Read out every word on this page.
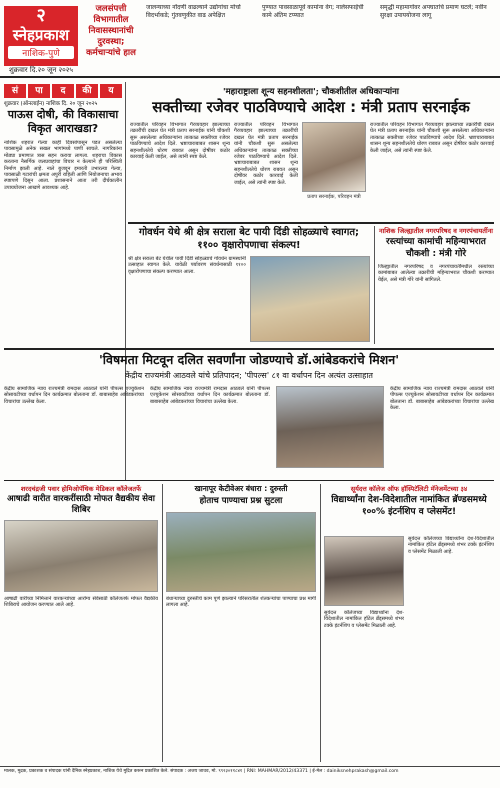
२
स्नेहप्रकाश
नाशिक-पुणे
शुक्रवार दि.२० जून २०२५
जलसंपत्ती विभागातील निवासस्थानांची दुरवस्था; कर्मचाऱ्यांचे हाल
जालन्याच्या नोंदणी वाढल्याने उद्योगांचा मोर्चा विदर्भाकडे; गुंतवणुकीत वाढ अपेक्षित
पुण्यात पावसाळापूर्व कामांना वेग; नालेसफाईची कामे अंतिम टप्प्यात
समृद्धी महामार्गावर अपघातांचे प्रमाण घटले; नवीन सुरक्षा उपाययोजना लागू
सं	पा	द	की	य
शुक्रवार (ऑनलाईन) नाशिक दि. २० जून २०२५
पाऊस दोषी, की विकासाचा विकृत आराखडा?
नाशिक शहरात गेल्या काही दिवसांपासून पडत असलेल्या पावसामुळे अनेक सखल भागांमध्ये पाणी साचले. नागरिकांना मोठ्या प्रमाणात त्रास सहन करावा लागला. शहराचा विकास करताना नैसर्गिक जलप्रवाहांचा विचार न केल्याने ही परिस्थिती निर्माण झाली आहे. नाले बुजवून इमारती उभारल्या गेल्या, पावसाळी गटारांची क्षमता अपुरी राहिली आणि नियोजनाचा अभाव स्पष्टपणे दिसून आला. प्रशासनाने आता तरी दीर्घकालीन उपाययोजना आखणे आवश्यक आहे.
'महाराष्ट्राला शून्य सहनशीलता'; चौकशीतील अधिकाऱ्यांना
सक्तीच्या रजेवर पाठविण्याचे आदेश : मंत्री प्रताप सरनाईक
राज्यातील परिवहन विभागात गैरव्यवहार झाल्याच्या तक्रारींची दखल घेत मंत्री प्रताप सरनाईक यांनी चौकशी सुरू असलेल्या अधिकाऱ्यांना तात्काळ सक्तीच्या रजेवर पाठविण्याचे आदेश दिले. भ्रष्टाचाराबाबत शासन शून्य सहनशीलतेचे धोरण राबवत असून दोषींवर कठोर कारवाई केली जाईल, असे त्यांनी स्पष्ट केले.
राज्यातील परिवहन विभागात गैरव्यवहार झाल्याच्या तक्रारींची दखल घेत मंत्री प्रताप सरनाईक यांनी चौकशी सुरू असलेल्या अधिकाऱ्यांना तात्काळ सक्तीच्या रजेवर पाठविण्याचे आदेश दिले. भ्रष्टाचाराबाबत शासन शून्य सहनशीलतेचे धोरण राबवत असून दोषींवर कठोर कारवाई केली जाईल, असे त्यांनी स्पष्ट केले.
प्रताप सरनाईक, परिवहन मंत्री
राज्यातील परिवहन विभागात गैरव्यवहार झाल्याच्या तक्रारींची दखल घेत मंत्री प्रताप सरनाईक यांनी चौकशी सुरू असलेल्या अधिकाऱ्यांना तात्काळ सक्तीच्या रजेवर पाठविण्याचे आदेश दिले. भ्रष्टाचाराबाबत शासन शून्य सहनशीलतेचे धोरण राबवत असून दोषींवर कठोर कारवाई केली जाईल, असे त्यांनी स्पष्ट केले.
गोवर्धन येथे श्री क्षेत्र सराला बेट पायी दिंडी सोहळ्याचे स्वागत; ११०० वृक्षारोपणाचा संकल्प!
श्री क्षेत्र सराला बेट येथील पायी दिंडी सोहळ्याचे गोवर्धन ग्रामस्थांनी उत्साहात स्वागत केले. यावेळी पर्यावरण संवर्धनासाठी ११०० वृक्षारोपणाचा संकल्प करण्यात आला.
नाशिक जिल्ह्यातील नगरपरिषद व नगरपंचायतींना
रस्त्यांच्या कामांची महिन्याभरात चौकशी : मंत्री गोरे
जिल्ह्यातील नगरपरिषद व नगरपंचायतींमधील रस्त्यांच्या कामांबाबत आलेल्या तक्रारींची महिन्याभरात चौकशी करण्यात येईल, असे मंत्री गोरे यांनी सांगितले.
'विषमता मिटवून दलित सवर्णांना जोडण्याचे डॉ.आंबेडकरांचे मिशन'
केंद्रीय राज्यमंत्री आठवले यांचे प्रतिपादन; 'पीपल्स' ८१ वा वर्धापन दिन अत्यंत उत्साहात
केंद्रीय सामाजिक न्याय राज्यमंत्री रामदास आठवले यांनी पीपल्स एज्युकेशन सोसायटीच्या वर्धापन दिन कार्यक्रमात बोलताना डॉ. बाबासाहेब आंबेडकरांच्या विचारांचा उल्लेख केला.
केंद्रीय सामाजिक न्याय राज्यमंत्री रामदास आठवले यांनी पीपल्स एज्युकेशन सोसायटीच्या वर्धापन दिन कार्यक्रमात बोलताना डॉ. बाबासाहेब आंबेडकरांच्या विचारांचा उल्लेख केला.
केंद्रीय सामाजिक न्याय राज्यमंत्री रामदास आठवले यांनी पीपल्स एज्युकेशन सोसायटीच्या वर्धापन दिन कार्यक्रमात बोलताना डॉ. बाबासाहेब आंबेडकरांच्या विचारांचा उल्लेख केला.
शरदचंद्रजी पवार होमिओपॅथिक मेडिकल कॉलेजतर्फे
आषाढी वारीत वारकरींसाठी मोफत वैद्यकीय सेवा शिबिर
आषाढी वारीच्या निमित्ताने वारकऱ्यांच्या आरोग्य सेवेसाठी कॉलेजतर्फे मोफत वैद्यकीय शिबिराचे आयोजन करण्यात आले आहे.
खानापूर केटीवेअर बंधारा : दुरुस्ती
होताच पाण्याचा प्रश्न सुटला
बंधाऱ्याच्या दुरुस्तीचे काम पूर्ण झाल्याने परिसरातील शेतकऱ्यांचा पाण्याचा प्रश्न मार्गी लागला आहे.
सूर्यदत्त कॉलेज ऑफ हॉस्पिटॅलिटी मॅनेजमेंटच्या ३४
विद्यार्थ्यांना देश-विदेशातील नामांकित ब्रॅण्डसमध्ये १००% इंटर्नशिप व प्लेसमेंट!
सूर्यदत्त कॉलेजच्या विद्यार्थ्यांना देश-विदेशातील नामांकित हॉटेल ब्रँड्समध्ये शंभर टक्के इंटर्नशिप व प्लेसमेंट मिळाली आहे.
सूर्यदत्त कॉलेजच्या विद्यार्थ्यांना देश-विदेशातील नामांकित हॉटेल ब्रँड्समध्ये शंभर टक्के इंटर्नशिप व प्लेसमेंट मिळाली आहे.
मालक, मुद्रक, प्रकाशक व संपादक यांनी दैनिक स्नेहप्रकाश, नाशिक येथे मुद्रित करून प्रकाशित केले. संपादक : अजय जाधव, मो. ९९२३०११८४१ | RNI: MAHMAR/2012/43371 | ई-मेल : dainiksnehprakash@gmail.com
